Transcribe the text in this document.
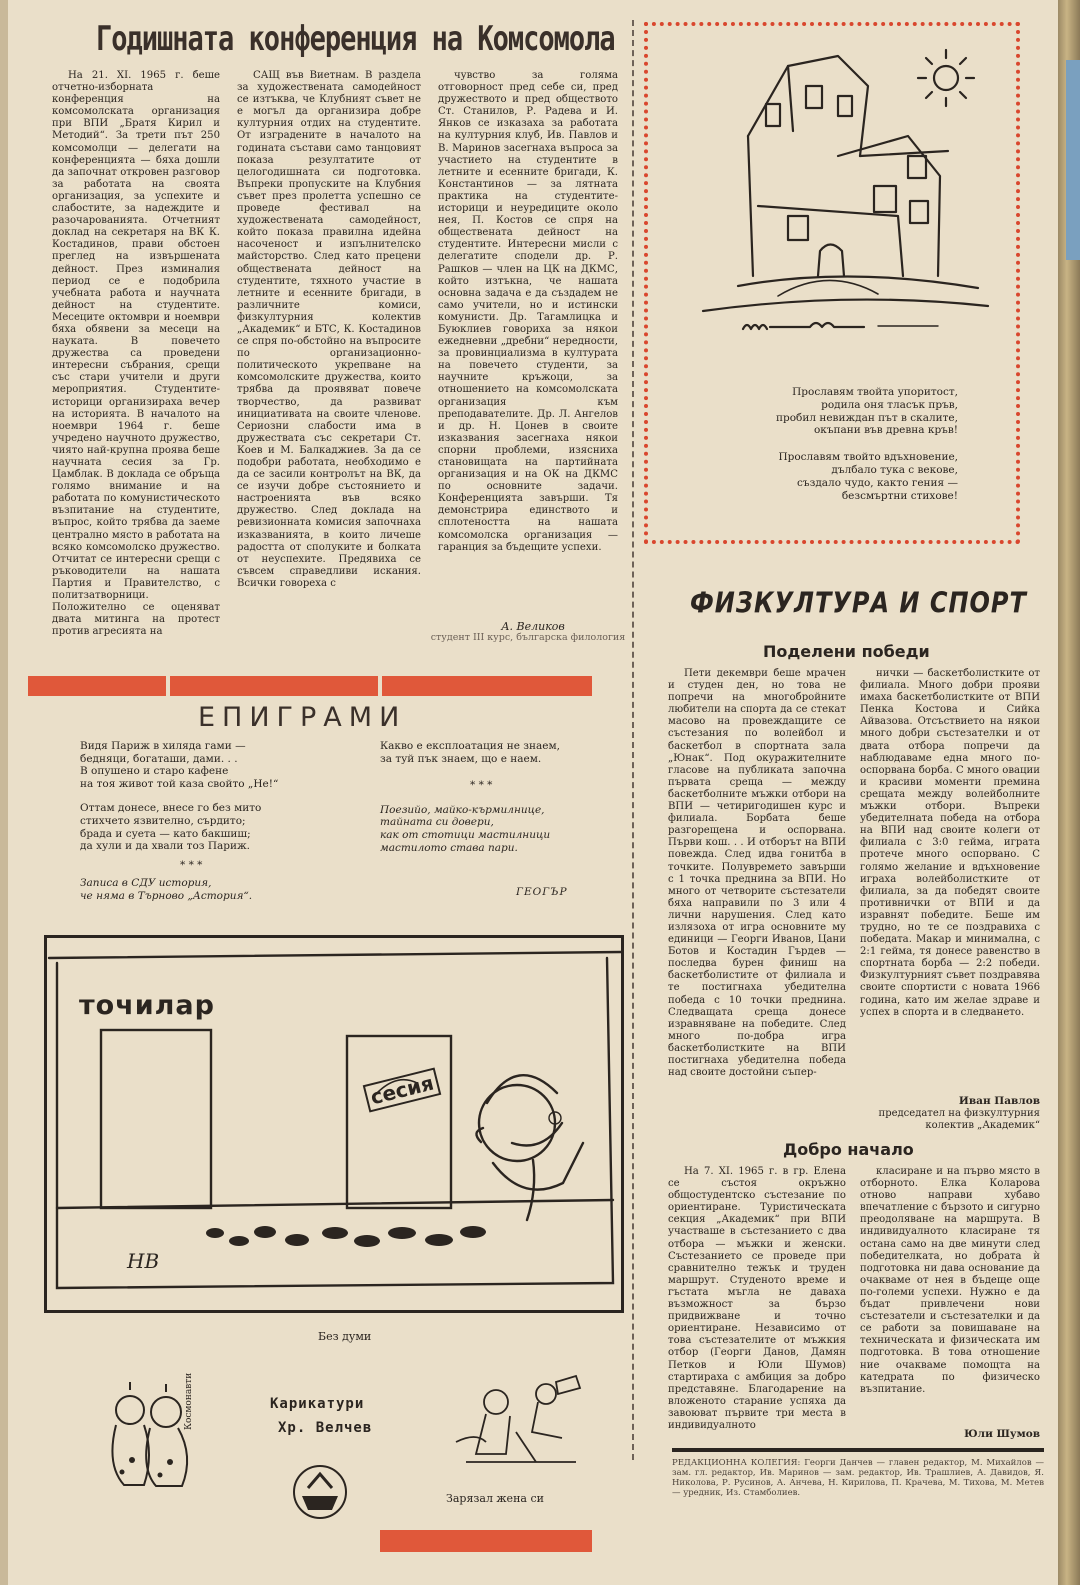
Годишната конференция на Комсомола

На 21. XI. 1965 г. беше отчетно-изборната конференция на комсомолската организация при ВПИ „Братя Кирил и Методий“. За трети път 250 комсомолци — делегати на конференцията — бяха дошли да започнат откровен разговор за работата на своята организация, за успехите и слабостите, за надеждите и разочарованията. Отчетният доклад на секретаря на ВК К. Костадинов, прави обстоен преглед на извършената дейност. През изминалия период се е подобрила учебната работа и научната дейност на студентите. Месеците октомври и ноември бяха обявени за месеци на науката. В повечето дружества са проведени интересни събрания, срещи със стари учители и други мероприятия. Студентите-историци организираха вечер на историята. В началото на ноември 1964 г. беше учредено научното дружество, чиято най-крупна проява беше научната сесия за Гр. Цамблак. В доклада се обръща голямо внимание и на работата по комунистическото възпитание на студентите, въпрос, който трябва да заеме централно място в работата на всяко комсомолско дружество. Отчитат се интересни срещи с ръководители на нашата Партия и Правителство, с политзатворници. Положително се оценяват двата митинга на протест против агресията на

САЩ във Виетнам. В раздела за художествената самодейност се изтъква, че Клубният съвет не е могъл да организира добре културния отдих на студентите. От изградените в началото на годината състави само танцовият показа резултатите от целогодишната си подготовка. Въпреки пропуските на Клубния съвет през пролетта успешно се проведе фестивал на художествената самодейност, който показа правилна идейна насоченост и изпълнителско майсторство. След като прецени обществената дейност на студентите, тяхното участие в летните и есенните бригади, в различните комиси, физкултурния колектив „Академик“ и БТС, К. Костадинов се спря по-обстойно на въпросите по организационно-политическото укрепване на комсомолските дружества, които трябва да проявяват повече творчество, да развиват инициативата на своите членове. Сериозни слабости има в дружествата със секретари Ст. Коев и М. Балкаджиев. За да се подобри работата, необходимо е да се засили контролът на ВК, да се изучи добре състоянието и настроенията във всяко дружество. След доклада на ревизионната комисия започнаха изказванията, в които личеше радостта от сполуките и болката от неуспехите. Предявиха се съвсем справедливи искания. Всички говореха с

чувство за голяма отговорност пред себе си, пред дружеството и пред обществото Ст. Станилов, Р. Радева и И. Янков се изказаха за работата на културния клуб, Ив. Павлов и В. Маринов засегнаха въпроса за участието на студентите в летните и есенните бригади, К. Константинов — за лятната практика на студентите-историци и неуредиците около нея, П. Костов се спря на обществената дейност на студентите. Интересни мисли с делегатите сподели др. Р. Рашков — член на ЦК на ДКМС, който изтъкна, че нашата основна задача е да създадем не само учители, но и истински комунисти. Др. Тагамлицка и Буюклиев говориха за някои ежедневни „дребни“ нередности, за провинциализма в културата на повечето студенти, за научните кръжоци, за отношението на комсомолската организация към преподавателите. Др. Л. Ангелов и др. Н. Цонев в своите изказвания засегнаха някои спорни проблеми, изясниха становищата на партийната организация и на ОК на ДКМС по основните задачи. Конференцията завърши. Тя демонстрира единството и сплотеността на нашата комсомолска организация — гаранция за бъдещите успехи.

А. Великов
студент III курс, българска филология
Прославям твойта упоритост,
родила оня тласък пръв,
пробил невиждан път в скалите,
окъпани във древна кръв!
Прославям твойто вдъхновение,
дълбало тука с векове,
създало чудо, както гения —
безсмъртни стихове!
ЕПИГРАМИ
Видя Париж в хиляда гами —
бедняци, богаташи, дами. . .
В опушено и старо кафене
на тоя живот той каза свойто „Не!“
Оттам донесе, внесе го без мито
стихчето язвително, сърдито;
брада и суета — като бакшиш;
да хули и да хвали тоз Париж.
* * *
Записа в СДУ история,
че няма в Търново „Астория“.
Какво е експлоатация не знаем,
за туй пък знаем, що е наем.
* * *
Поезийо, майко-кърмилнице,
тайната си довери,
как от стотици мастилници
мастилото става пари.
ГЕОГЪР
HB
точилар
сесия
Без думи
Космонавти	Карикатури
Хр. Велчев
Зарязал жена си
ФИЗКУЛТУРА И СПОРТ
Поделени победи

Пети декември беше мрачен и студен ден, но това не попречи на многобройните любители на спорта да се стекат масово на провеждащите се състезания по волейбол и баскетбол в спортната зала „Юнак“. Под окуражителните гласове на публиката започна първата среща — между баскетболните мъжки отбори на ВПИ — четиригодишен курс и филиала. Борбата беше разгорещена и оспорвана. Първи кош. . . И отборът на ВПИ повежда. След идва гонитба в точките. Полувремето завърши с 1 точка преднина за ВПИ. Но много от четворите състезатели бяха направили по 3 или 4 лични нарушения. След като излязоха от игра основните му единици — Георги Иванов, Цани Ботов и Костадин Гърдев — последва бурен финиш на баскетболистите от филиала и те постигнаха убедителна победа с 10 точки преднина. Следващата среща донесе изравняване на победите. След много по-добра игра баскетболистките на ВПИ постигнаха убедителна победа над своите достойни съпер-

нички — баскетболистките от филиала. Много добри прояви имаха баскетболистките от ВПИ Пенка Костова и Сийка Айвазова. Отсъствието на някои много добри състезателки и от двата отбора попречи да наблюдаваме една много по-оспорвана борба. С много овации и красиви моменти премина срещата между волейболните мъжки отбори. Въпреки убедителната победа на отбора на ВПИ над своите колеги от филиала с 3:0 гейма, играта протече много оспорвано. С голямо желание и вдъхновение играха волейболистките от филиала, за да победят своите противнички от ВПИ и да изравнят победите. Беше им трудно, но те се поздравиха с победата. Макар и минимална, с 2:1 гейма, тя донесе равенство в спортната борба — 2:2 победи. Физкултурният съвет поздравява своите спортисти с новата 1966 година, като им желае здраве и успех в спорта и в следването.

Иван Павлов
председател на физкултурния
колектив „Академик“
Добро начало

На 7. XI. 1965 г. в гр. Елена се състоя окръжно общостудентско състезание по ориентиране. Туристическата секция „Академик“ при ВПИ участваше в състезанието с два отбора — мъжки и женски. Състезанието се проведе при сравнително тежък и труден маршрут. Студеното време и гъстата мъгла не даваха възможност за бързо придвижване и точно ориентиране. Независимо от това състезателите от мъжкия отбор (Георги Данов, Дамян Петков и Юли Шумов) стартираха с амбиция за добро представяне. Благодарение на вложеното старание успяха да завоюват първите три места в индивидуалното

класиране и на първо място в отборното. Елка Коларова отново направи хубаво впечатление с бързото и сигурно преодоляване на маршрута. В индивидуалното класиране тя остана само на две минути след победителката, но добрата ѝ подготовка ни дава основание да очакваме от нея в бъдеще още по-големи успехи. Нужно е да бъдат привлечени нови състезатели и състезателки и да се работи за повишаване на техническата и физическата им подготовка. В това отношение ние очакваме помощта на катедрата по физическо възпитание.

Юли Шумов
РЕДАКЦИОННА КОЛЕГИЯ: Георги Данчев — главен редактор, М. Михайлов — зам. гл. редактор, Ив. Маринов — зам. редактор, Ив. Трашлиев, А. Давидов, Я. Николова, Р. Русинов, А. Анчева, Н. Кирилова, П. Крачева, М. Тихова, М. Метев — уредник, Из. Стамболиев.
